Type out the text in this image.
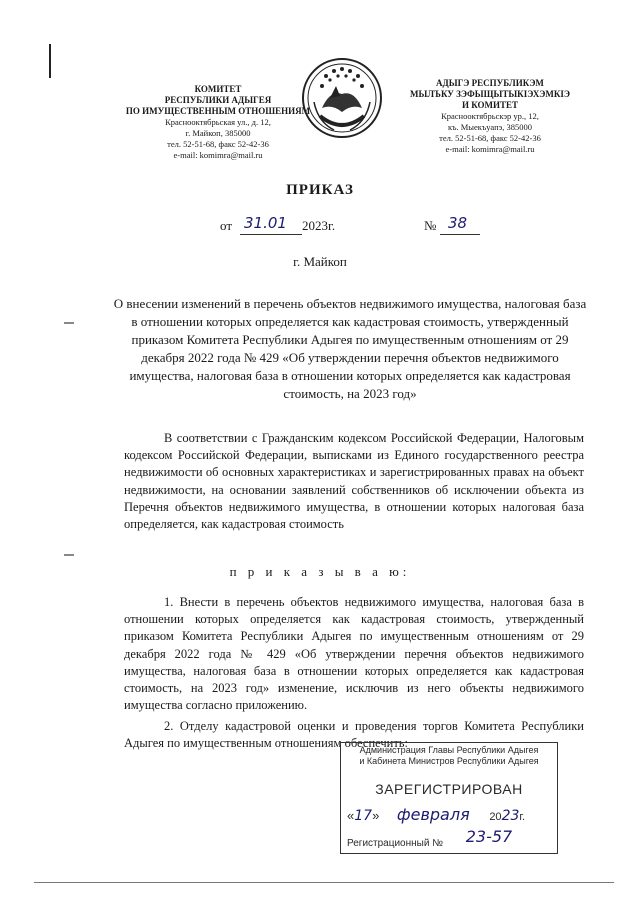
КОМИТЕТ
РЕСПУБЛИКИ АДЫГЕЯ
ПО ИМУЩЕСТВЕННЫМ ОТНОШЕНИЯМ
Краснооктябрьская ул., д. 12,
г. Майкоп, 385000
тел. 52-51-68, факс 52-42-36
e-mail: komimra@mail.ru
АДЫГЭ РЕСПУБЛИКЭМ
МЫЛЪКУ ЗЭФЫЩЫТЫКІЭХЭМКІЭ
И КОМИТЕТ
Краснооктябрьскэр ур., 12,
къ. Мыекъуапэ, 385000
тел. 52-51-68, факс 52-42-36
e-mail: komimra@mail.ru
ПРИКАЗ
от 31.01 2023г.	№ 38
г. Майкоп
О внесении изменений в перечень объектов недвижимого имущества, налоговая база в отношении которых определяется как кадастровая стоимость, утвержденный приказом Комитета Республики Адыгея по имущественным отношениям от 29 декабря 2022 года № 429 «Об утверждении перечня объектов недвижимого имущества, налоговая база в отношении которых определяется как кадастровая стоимость, на 2023 год»
В соответствии с Гражданским кодексом Российской Федерации, Налоговым кодексом Российской Федерации, выписками из Единого государственного реестра недвижимости об основных характеристиках и зарегистрированных правах на объект недвижимости, на основании заявлений собственников об исключении объекта из Перечня объектов недвижимого имущества, в отношении которых налоговая база определяется, как кадастровая стоимость
п р и к а з ы в а ю:
1. Внести в перечень объектов недвижимого имущества, налоговая база в отношении которых определяется как кадастровая стоимость, утвержденный приказом Комитета Республики Адыгея по имущественным отношениям от 29 декабря 2022 года № 429 «Об утверждении перечня объектов недвижимого имущества, налоговая база в отношении которых определяется как кадастровая стоимость, на 2023 год» изменение, исключив из него объекты недвижимого имущества согласно приложению.
2. Отделу кадастровой оценки и проведения торгов Комитета Республики Адыгея по имущественным отношениям обеспечить:
Администрация Главы Республики Адыгея
и Кабинета Министров Республики Адыгея
ЗАРЕГИСТРИРОВАН
«17» февраля 2023г.
Регистрационный № 23-57
